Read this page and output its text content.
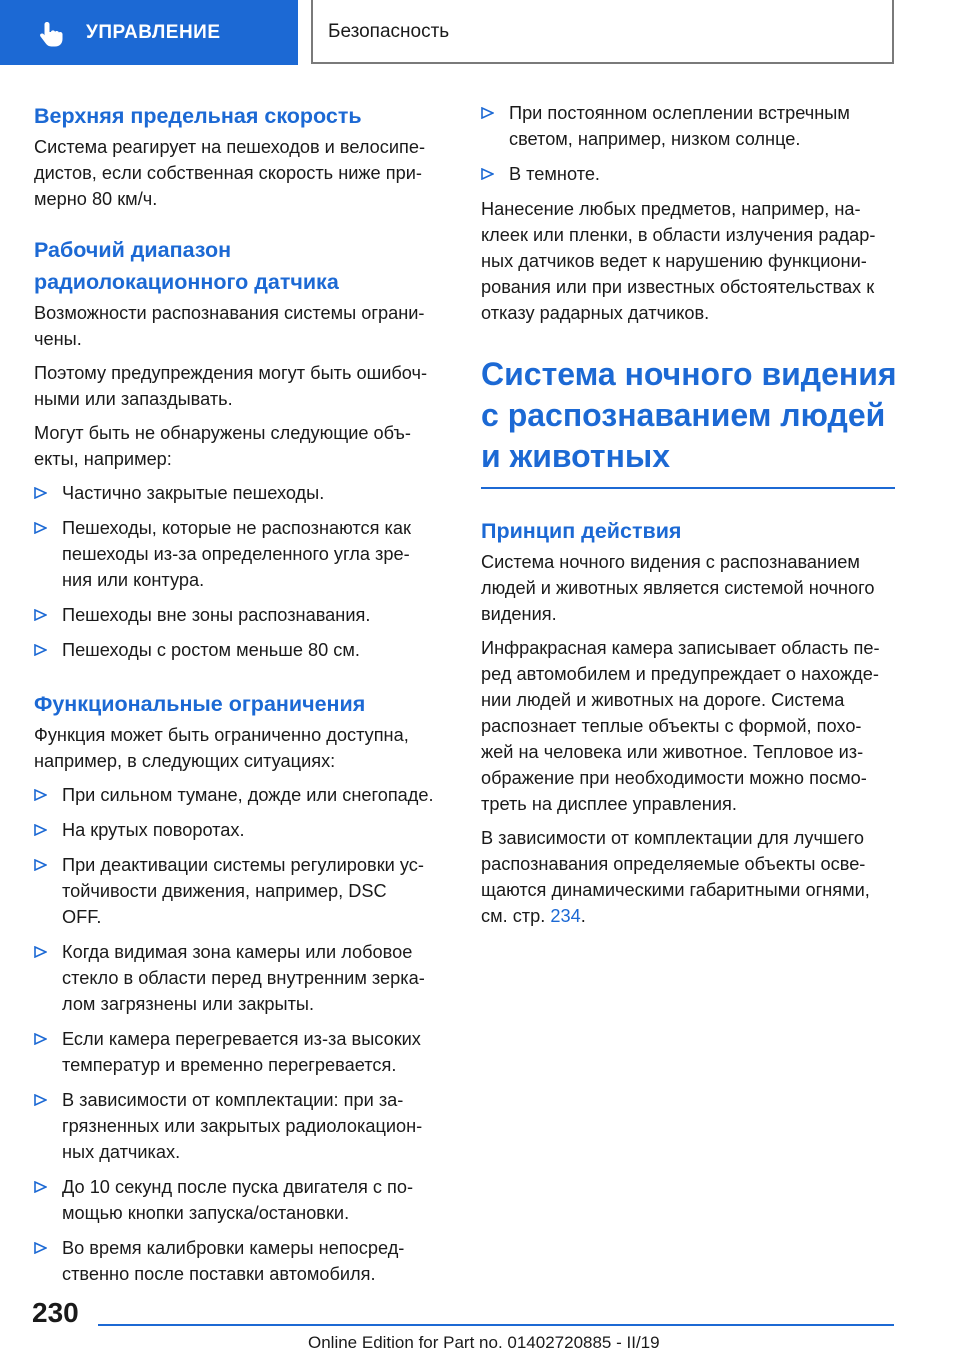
УПРАВЛЕНИЕ	Безопасность
Верхняя предельная скорость

Система реагирует на пешеходов и велосипе-
дистов, если собственная скорость ниже при-
мерно 80 км/ч.

Рабочий диапазон
радиолокационного датчика

Возможности распознавания системы ограни-
чены.

Поэтому предупреждения могут быть ошибоч-
ными или запаздывать.

Могут быть не обнаружены следующие объ-
екты, например:

Частично закрытые пешеходы.
Пешеходы, которые не распознаются как
пешеходы из-за определенного угла зре-
ния или контура.
Пешеходы вне зоны распознавания.
Пешеходы с ростом меньше 80 см.
Функциональные ограничения

Функция может быть ограниченно доступна,
например, в следующих ситуациях:

При сильном тумане, дожде или снегопаде.
На крутых поворотах.
При деактивации системы регулировки ус-
тойчивости движения, например, DSC
OFF.
Когда видимая зона камеры или лобовое
стекло в области перед внутренним зерка-
лом загрязнены или закрыты.
Если камера перегревается из-за высоких
температур и временно перегревается.
В зависимости от комплектации: при за-
грязненных или закрытых радиолокацион-
ных датчиках.
До 10 секунд после пуска двигателя с по-
мощью кнопки запуска/остановки.
Во время калибровки камеры непосред-
ственно после поставки автомобиля.
При постоянном ослеплении встречным
светом, например, низком солнце.
В темноте.

Нанесение любых предметов, например, на-
клеек или пленки, в области излучения радар-
ных датчиков ведет к нарушению функциони-
рования или при известных обстоятельствах к
отказу радарных датчиков.

Система ночного видения
с распознаванием людей
и животных
Принцип действия

Система ночного видения с распознаванием
людей и животных является системой ночного
видения.

Инфракрасная камера записывает область пе-
ред автомобилем и предупреждает о нахожде-
нии людей и животных на дороге. Система
распознает теплые объекты с формой, похо-
жей на человека или животное. Тепловое из-
ображение при необходимости можно посмо-
треть на дисплее управления.

В зависимости от комплектации для лучшего
распознавания определяемые объекты осве-
щаются динамическими габаритными огнями,
см. стр. 234.

230
Online Edition for Part no. 01402720885 - II/19
